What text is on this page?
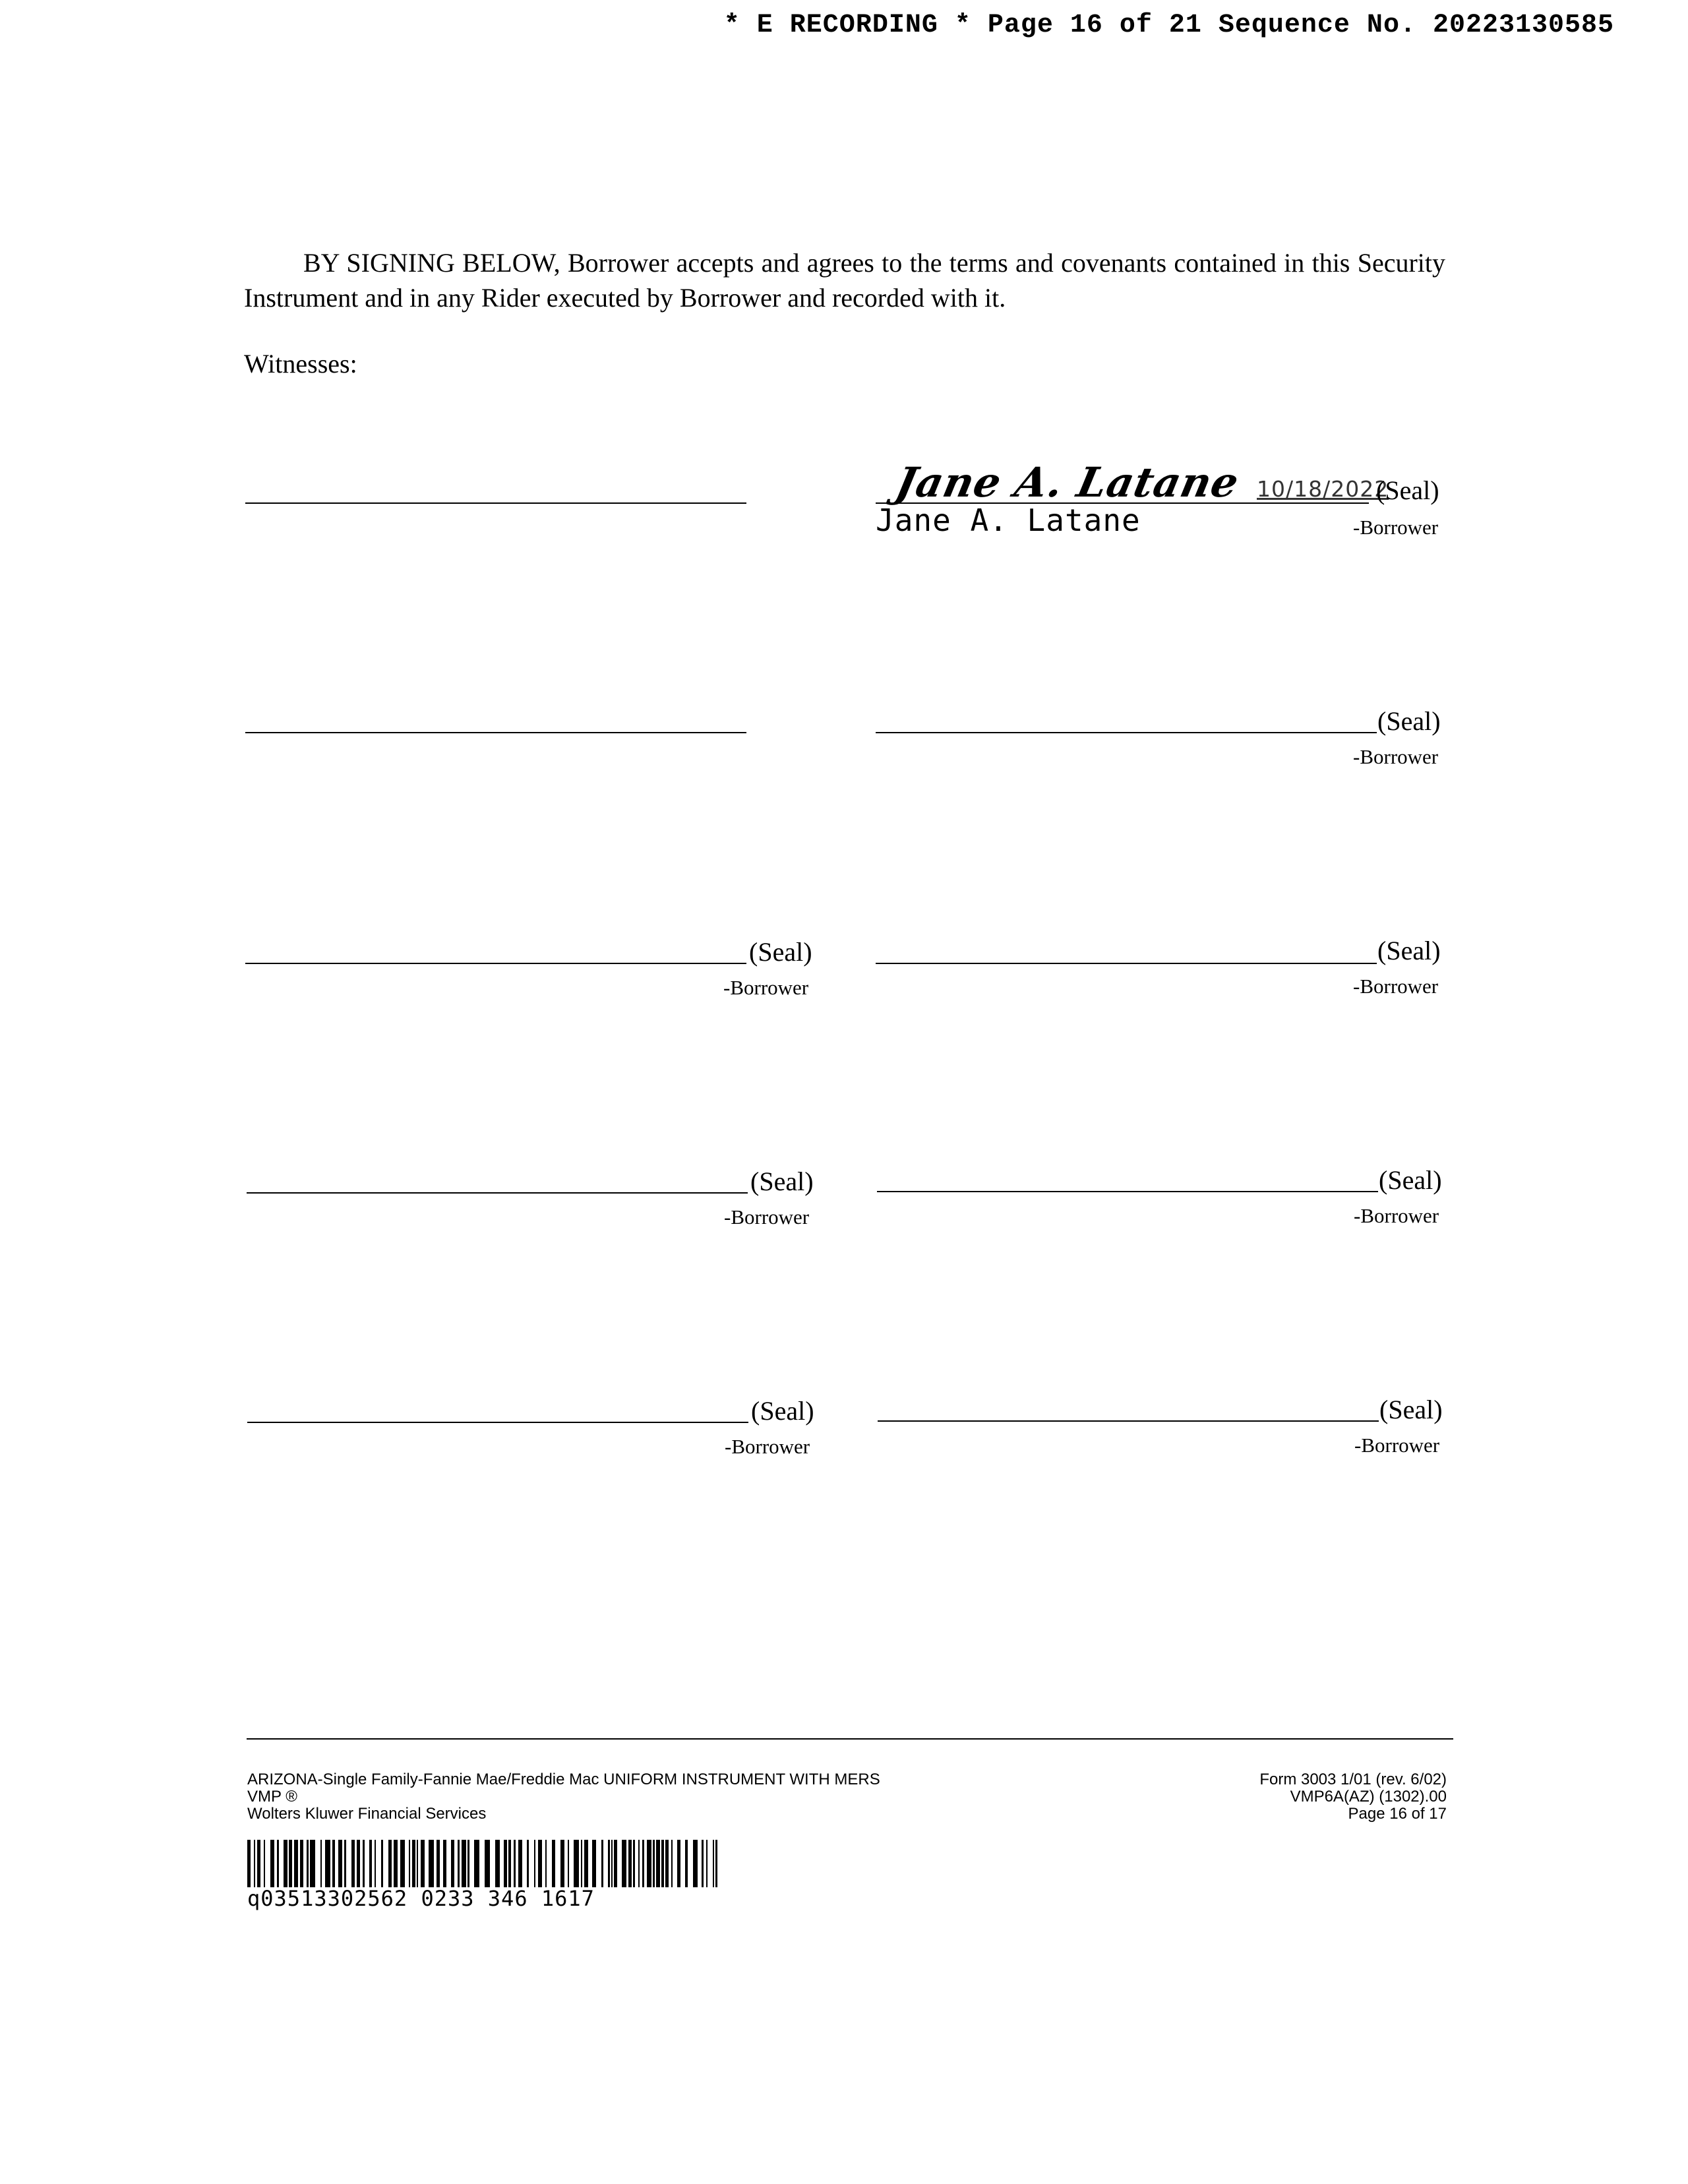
* E RECORDING * Page 16 of 21 Sequence No. 20223130585
BY SIGNING BELOW, Borrower accepts and agrees to the terms and covenants contained in this Security Instrument and in any Rider executed by Borrower and recorded with it.
Witnesses:
Jane A. Latane 10/18/2022
(Seal)
Jane A. Latane	-Borrower
(Seal)
-Borrower
(Seal)
-Borrower
(Seal)
-Borrower
(Seal)
-Borrower
(Seal)
-Borrower
(Seal)
-Borrower
(Seal)
-Borrower
ARIZONA-Single Family-Fannie Mae/Freddie Mac UNIFORM INSTRUMENT WITH MERS
VMP ®
Wolters Kluwer Financial Services
Form 3003 1/01 (rev. 6/02)
VMP6A(AZ) (1302).00
Page 16 of 17
q03513302562 0233 346 1617
